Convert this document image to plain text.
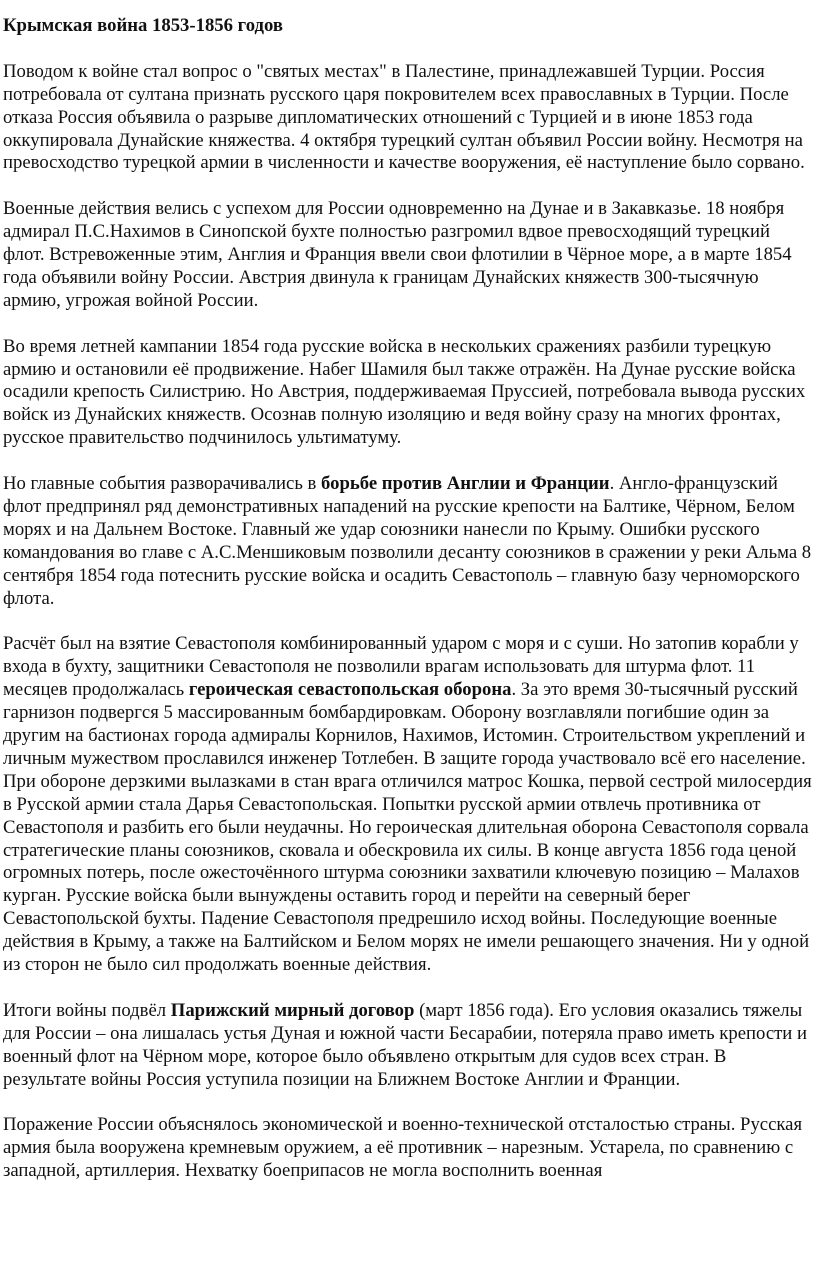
Крымская война 1853-1856 годов

Поводом к войне стал вопрос о "святых местах" в Палестине, принадлежавшей Турции. Россия потребовала от султана признать русского царя покровителем всех православных в Турции. После отказа Россия объявила о разрыве дипломатических отношений с Турцией и в июне 1853 года оккупировала Дунайские княжества. 4 октября турецкий султан объявил России войну. Несмотря на превосходство турецкой армии в численности и качестве вооружения, её наступление было сорвано.

Военные действия велись с успехом для России одновременно на Дунае и в Закавказье. 18 ноября адмирал П.С.Нахимов в Синопской бухте полностью разгромил вдвое превосходящий турецкий флот. Встревоженные этим, Англия и Франция ввели свои флотилии в Чёрное море, а в марте 1854 года объявили войну России. Австрия двинула к границам Дунайских княжеств 300-тысячную армию, угрожая войной России.

Во время летней кампании 1854 года русские войска в нескольких сражениях разбили турецкую армию и остановили её продвижение. Набег Шамиля был также отражён. На Дунае русские войска осадили крепость Силистрию. Но Австрия, поддерживаемая Пруссией, потребовала вывода русских войск из Дунайских княжеств. Осознав полную изоляцию и ведя войну сразу на многих фронтах, русское правительство подчинилось ультиматуму.

Но главные события разворачивались в борьбе против Англии и Франции. Англо-французский флот предпринял ряд демонстративных нападений на русские крепости на Балтике, Чёрном, Белом морях и на Дальнем Востоке. Главный же удар союзники нанесли по Крыму. Ошибки русского командования во главе с А.С.Меншиковым позволили десанту союзников в сражении у реки Альма 8 сентября 1854 года потеснить русские войска и осадить Севастополь – главную базу черноморского флота.

Расчёт был на взятие Севастополя комбинированный ударом с моря и с суши. Но затопив корабли у входа в бухту, защитники Севастополя не позволили врагам использовать для штурма флот. 11 месяцев продолжалась героическая севастопольская оборона. За это время 30-тысячный русский гарнизон подвергся 5 массированным бомбардировкам. Оборону возглавляли погибшие один за другим на бастионах города адмиралы Корнилов, Нахимов, Истомин. Строительством укреплений и личным мужеством прославился инженер Тотлебен. В защите города участвовало всё его население. При обороне дерзкими вылазками в стан врага отличился матрос Кошка, первой сестрой милосердия в Русской армии стала Дарья Севастопольская. Попытки русской армии отвлечь противника от Севастополя и разбить его были неудачны. Но героическая длительная оборона Севастополя сорвала стратегические планы союзников, сковала и обескровила их силы. В конце августа 1856 года ценой огромных потерь, после ожесточённого штурма союзники захватили ключевую позицию – Малахов курган. Русские войска были вынуждены оставить город и перейти на северный берег Севастопольской бухты. Падение Севастополя предрешило исход войны. Последующие военные действия в Крыму, а также на Балтийском и Белом морях не имели решающего значения. Ни у одной из сторон не было сил продолжать военные действия.

Итоги войны подвёл Парижский мирный договор (март 1856 года). Его условия оказались тяжелы для России – она лишалась устья Дуная и южной части Бесарабии, потеряла право иметь крепости и военный флот на Чёрном море, которое было объявлено открытым для судов всех стран. В результате войны Россия уступила позиции на Ближнем Востоке Англии и Франции.

Поражение России объяснялось экономической и военно-технической отсталостью страны. Русская армия была вооружена кремневым оружием, а её противник – нарезным. Устарела, по сравнению с западной, артиллерия. Нехватку боеприпасов не могла восполнить военная
